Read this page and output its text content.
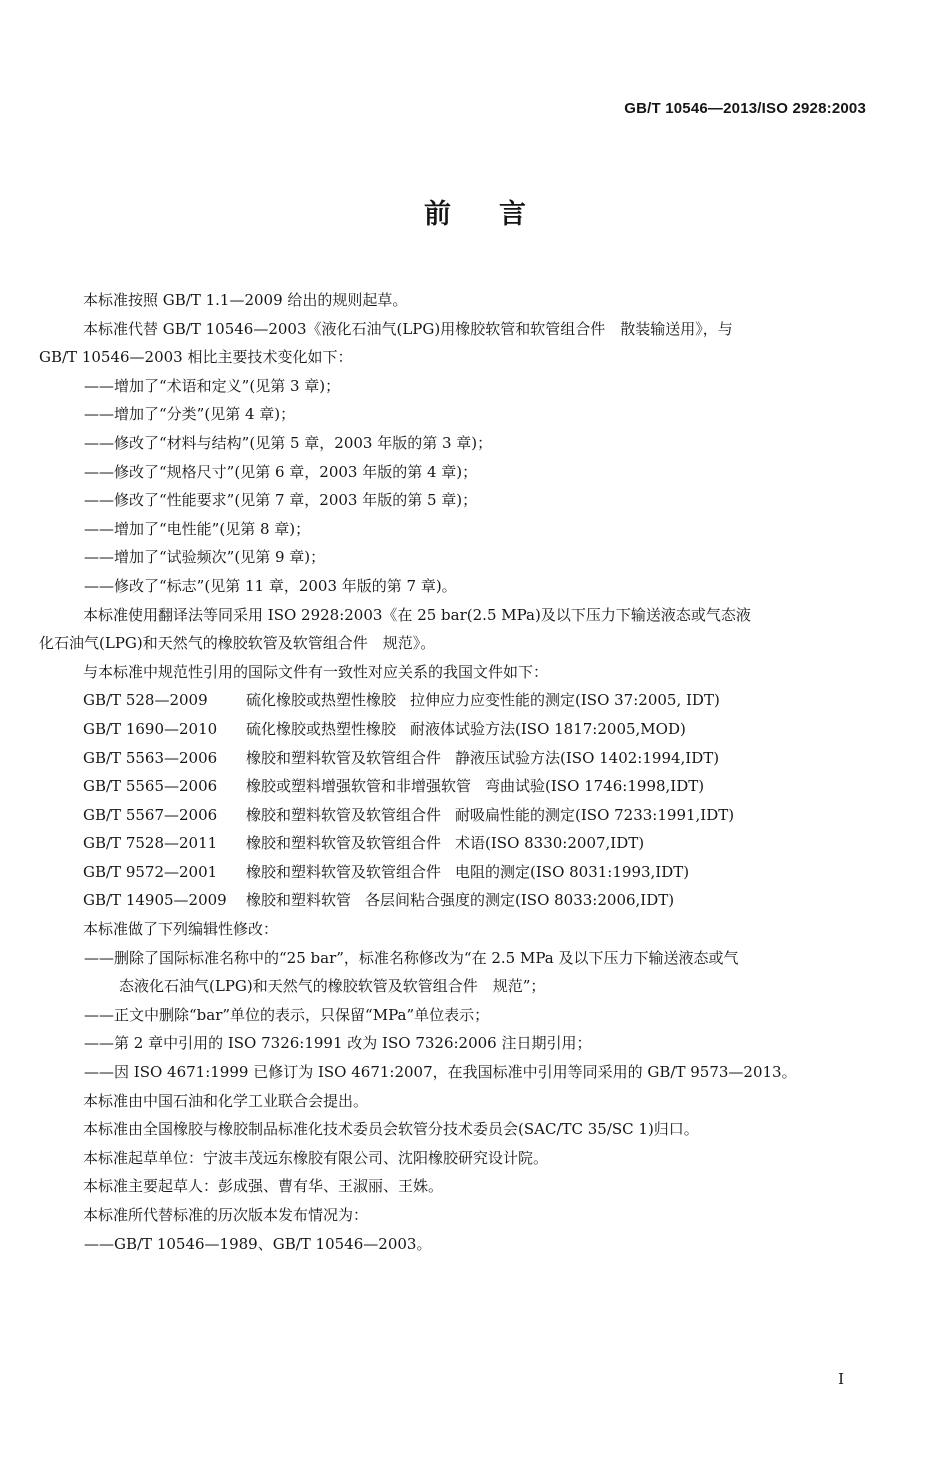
GB/T 10546—2013/ISO 2928:2003
前言
本标准按照 GB/T 1.1—2009 给出的规则起草。
本标准代替 GB/T 10546—2003《液化石油气(LPG)用橡胶软管和软管组合件　散装输送用》，与
GB/T 10546—2003 相比主要技术变化如下：
——增加了“术语和定义”(见第 3 章)；
——增加了“分类”(见第 4 章)；
——修改了“材料与结构”(见第 5 章，2003 年版的第 3 章)；
——修改了“规格尺寸”(见第 6 章，2003 年版的第 4 章)；
——修改了“性能要求”(见第 7 章，2003 年版的第 5 章)；
——增加了“电性能”(见第 8 章)；
——增加了“试验频次”(见第 9 章)；
——修改了“标志”(见第 11 章，2003 年版的第 7 章)。
本标准使用翻译法等同采用 ISO 2928:2003《在 25 bar(2.5 MPa)及以下压力下输送液态或气态液
化石油气(LPG)和天然气的橡胶软管及软管组合件　规范》。
与本标准中规范性引用的国际文件有一致性对应关系的我国文件如下：
GB/T 528—2009	硫化橡胶或热塑性橡胶 拉伸应力应变性能的测定(ISO 37:2005, IDT)
GB/T 1690—2010	硫化橡胶或热塑性橡胶 耐液体试验方法(ISO 1817:2005,MOD)
GB/T 5563—2006	橡胶和塑料软管及软管组合件 静液压试验方法(ISO 1402:1994,IDT)
GB/T 5565—2006	橡胶或塑料增强软管和非增强软管 弯曲试验(ISO 1746:1998,IDT)
GB/T 5567—2006	橡胶和塑料软管及软管组合件 耐吸扁性能的测定(ISO 7233:1991,IDT)
GB/T 7528—2011	橡胶和塑料软管及软管组合件 术语(ISO 8330:2007,IDT)
GB/T 9572—2001	橡胶和塑料软管及软管组合件 电阻的测定(ISO 8031:1993,IDT)
GB/T 14905—2009	橡胶和塑料软管 各层间粘合强度的测定(ISO 8033:2006,IDT)
本标准做了下列编辑性修改：
——删除了国际标准名称中的“25 bar”，标准名称修改为“在 2.5 MPa 及以下压力下输送液态或气
态液化石油气(LPG)和天然气的橡胶软管及软管组合件　规范”；
——正文中删除“bar”单位的表示，只保留“MPa”单位表示；
——第 2 章中引用的 ISO 7326:1991 改为 ISO 7326:2006 注日期引用；
——因 ISO 4671:1999 已修订为 ISO 4671:2007，在我国标准中引用等同采用的 GB/T 9573—2013。
本标准由中国石油和化学工业联合会提出。
本标准由全国橡胶与橡胶制品标准化技术委员会软管分技术委员会(SAC/TC 35/SC 1)归口。
本标准起草单位：宁波丰茂远东橡胶有限公司、沈阳橡胶研究设计院。
本标准主要起草人：彭成强、曹有华、王淑丽、王姝。
本标准所代替标准的历次版本发布情况为：
——GB/T 10546—1989、GB/T 10546—2003。
I
